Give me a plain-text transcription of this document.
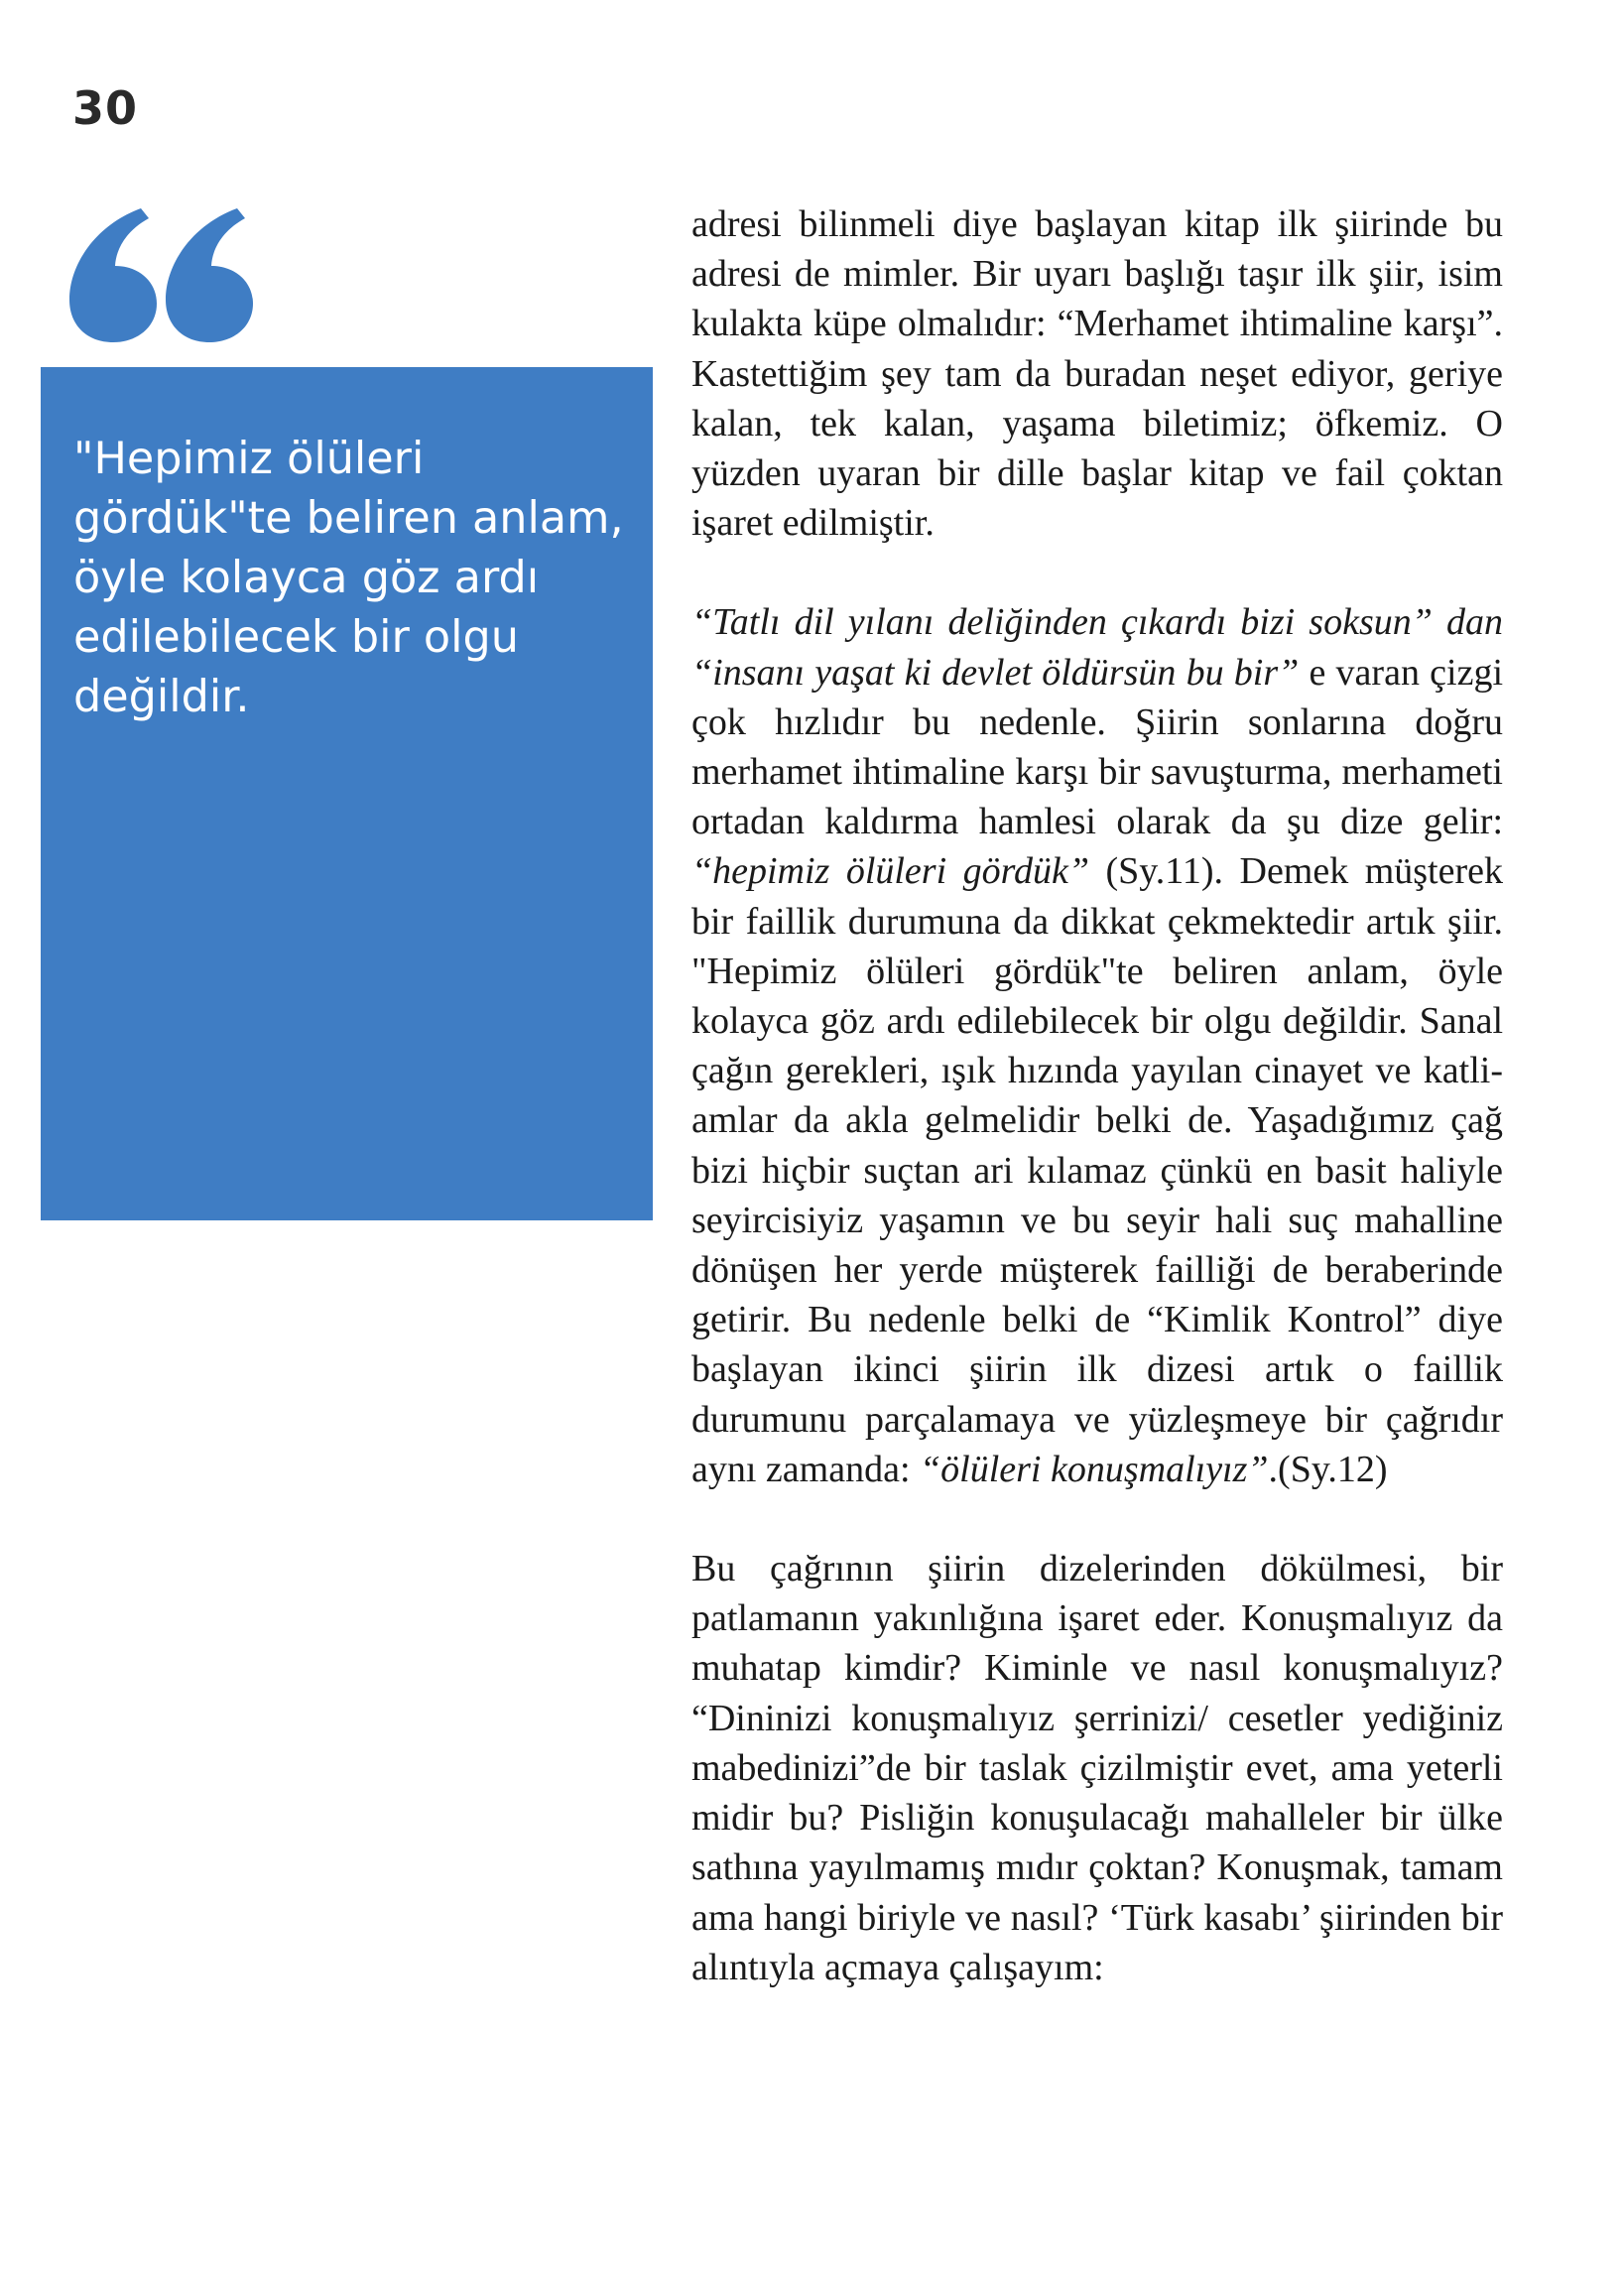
30

"Hepimiz ölüleri gördük"te beliren anlam, öyle kolayca göz ardı edilebilecek bir olgu değildir.

adresi bilinmeli diye başlayan kitap ilk şiirinde bu adresi de mimler. Bir uyarı başlığı taşır ilk şiir, isim kulakta küpe olmalıdır: “Merhamet ihtimaline karşı”. Kastettiğim şey tam da buradan neşet ediyor, geriye kalan, tek kalan, yaşama biletimiz; öfkemiz. O yüzden uyaran bir dille başlar kitap ve fail çoktan işaret edilmiştir.

“Tatlı dil yılanı deliğinden çıkardı bizi soksun” dan “insanı yaşat ki devlet öldürsün bu bir” e varan çizgi çok hızlıdır bu nedenle. Şiirin sonlarına doğru merhamet ihtimaline karşı bir savuşturma, merhameti ortadan kaldırma hamlesi olarak da şu dize gelir: “hepimiz ölüleri gördük” (Sy.11). Demek müşterek bir faillik durumuna da dikkat çekmektedir artık şiir. "Hepimiz ölüleri gördük"te beliren anlam, öyle kolayca göz ardı edilebilecek bir olgu değildir. Sanal çağın gerekleri, ışık hızında yayılan cinayet ve katliamlar da akla gelmelidir belki de. Yaşadığımız çağ bizi hiçbir suçtan ari kılamaz çünkü en basit haliyle seyircisiyiz yaşamın ve bu seyir hali suç mahalline dönüşen her yerde müşterek failliği de beraberinde getirir. Bu nedenle belki de “Kimlik Kontrol” diye başlayan ikinci şiirin ilk dizesi artık o faillik durumunu parçalamaya ve yüzleşmeye bir çağrıdır aynı zamanda: “ölüleri konuşmalıyız”.(Sy.12)

Bu çağrının şiirin dizelerinden dökülmesi, bir patlamanın yakınlığına işaret eder. Konuşmalıyız da muhatap kimdir? Kiminle ve nasıl konuşmalıyız? “Dininizi konuşmalıyız şerrinizi/ cesetler yediğiniz mabedinizi”de bir taslak çizilmiştir evet, ama yeterli midir bu? Pisliğin konuşulacağı mahalleler bir ülke sathına yayılmamış mıdır çoktan? Konuşmak, tamam ama hangi biriyle ve nasıl? ‘Türk kasabı’ şiirinden bir alıntıyla açmaya çalışayım:
